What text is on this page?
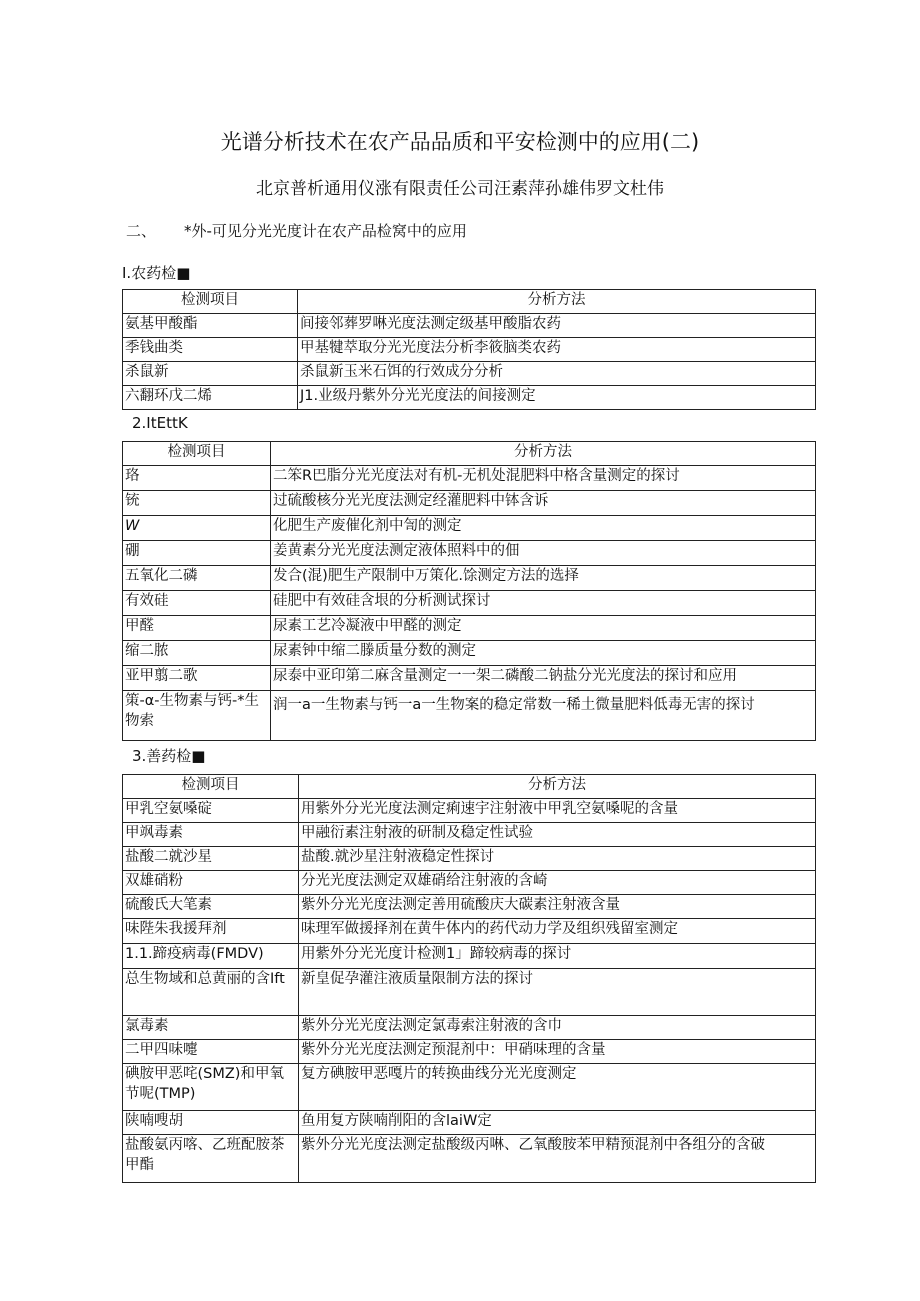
光谱分析技术在农产品品质和平安检测中的应用(二)
北京普析通用仪涨有限责任公司汪素萍孙雄伟罗文杜伟
二、 *外-可见分光光度计在农产品检窝中的应用
I.农药检■
检测项目	分析方法
氨基甲酸酯	间接邻葬罗啉光度法测定级基甲酸脂农药
季钱曲类	甲基犍萃取分光光度法分析李筱脑类农药
杀鼠新	杀鼠新玉米石饵的行效成分分析
六翻环戊二烯	J1.业级丹紫外分光光度法的间接测定
2.ItEttK
检测项目	分析方法
珞	二笨R巴脂分光光度法对有机-无机处混肥料中格含量测定的探讨
铳	过硫酸核分光光度法测定经灌肥料中钵含诉
W	化肥生产废催化剂中訇的测定
硼	姜黄素分光光度法测定液体照料中的佃
五氧化二磷	发合(混)肥生产限制中万策化.馀测定方法的选择
有效硅	硅肥中有效硅含垠的分析测试探讨
甲醛	尿素工艺冷凝液中甲醛的测定
缩二脓	尿素钟中缩二滕质量分数的测定
亚甲翦二歌	尿泰中亚印第二麻含量测定一一架二磷酸二钠盐分光光度法的探讨和应用
策-α-生物素与钙-*生物索	润一a一生物素与钙一a一生物案的稳定常数一稀土微量肥料低毒无害的探讨
3.善药检■
检测项目	分析方法
甲乳空氨嗓碇	用紫外分光光度法测定痢速宇注射液中甲乳空氨嗓呢的含量
甲飒毒素	甲融衍素注射液的研制及稳定性试验
盐酸二就沙星	盐酸.就沙星注射液稳定性探讨
双雄硝粉	分光光度法测定双雄硝给注射液的含崎
硫酸氏大笔素	紫外分光光度法测定善用硫酸庆大碳素注射液含量
味陛朱我援拜剂	味理军做援择剂在黄牛体内的药代动力学及组织残留室测定
1.1.蹄疫病毒(FMDV)	用紫外分光光度计检测1」蹄较病毒的探讨
总生物域和总黄丽的含Ift	新皇促孕灌注液质量限制方法的探讨
氯毒素	紫外分光光度法测定氯毒索注射液的含巾
二甲四味嚏	紫外分光光度法测定预混剂中：甲硝味理的含量
碘胺甲恶咤(SMZ)和甲氧节呢(TMP)	复方碘胺甲恶嘎片的转换曲线分光光度测定
陕喃嗖胡	鱼用复方陕喃削阳的含laiW定
盐酸氨丙喀、乙班配胺茶甲酯	紫外分光光度法测定盐酸级丙啉、乙氧酸胺苯甲精预混剂中各组分的含破
